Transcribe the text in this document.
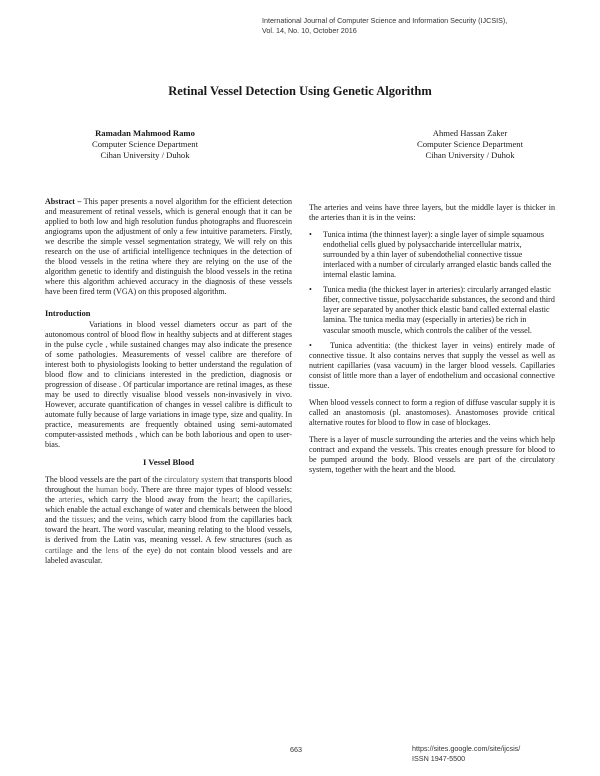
International Journal of Computer Science and Information Security (IJCSIS),
Vol. 14, No. 10, October 2016
Retinal Vessel Detection Using Genetic Algorithm
Ramadan Mahmood Ramo
Computer Science Department
Cihan University / Duhok
Ahmed Hassan Zaker
Computer Science Department
Cihan University / Duhok

Abstract – This paper presents a novel algorithm for the efficient detection and measurement of retinal vessels, which is general enough that it can be applied to both low and high resolution fundus photographs and fluorescein angiograms upon the adjustment of only a few intuitive parameters. Firstly, we describe the simple vessel segmentation strategy, We will rely on this research on the use of artificial intelligence techniques in the detection of the blood vessels in the retina where they are relying on the use of the algorithm genetic to identify and distinguish the blood vessels in the retina where this algorithm achieved accuracy in the diagnosis of these vessels have been fired term (VGA) on this proposed algorithm.

Introduction

Variations in blood vessel diameters occur as part of the autonomous control of blood flow in healthy subjects and at different stages in the pulse cycle , while sustained changes may also indicate the presence of some pathologies. Measurements of vessel calibre are therefore of interest both to physiologists looking to better understand the regulation of blood flow and to clinicians interested in the prediction, diagnosis or progression of disease . Of particular importance are retinal images, as these may be used to directly visualise blood vessels non-invasively in vivo. However, accurate quantification of changes in vessel calibre is difficult to automate fully because of large variations in image type, size and quality. In practice, measurements are frequently obtained using semi-automated computer-assisted methods , which can be both laborious and open to user-bias.

I Vessel Blood

The blood vessels are the part of the circulatory system that transports blood throughout the human body. There are three major types of blood vessels: the arteries, which carry the blood away from the heart; the capillaries, which enable the actual exchange of water and chemicals between the blood and the tissues; and the veins, which carry blood from the capillaries back toward the heart. The word vascular, meaning relating to the blood vessels, is derived from the Latin vas, meaning vessel. A few structures (such as cartilage and the lens of the eye) do not contain blood vessels and are labeled avascular.

The arteries and veins have three layers, but the middle layer is thicker in the arteries than it is in the veins:

• Tunica intima (the thinnest layer): a single layer of simple squamous endothelial cells glued by polysaccharide intercellular matrix, surrounded by a thin layer of subendothelial connective tissue interlaced with a number of circularly arranged elastic bands called the internal elastic lamina.
• Tunica media (the thickest layer in arteries): circularly arranged elastic fiber, connective tissue, polysaccharide substances, the second and third layer are separated by another thick elastic band called external elastic lamina. The tunica media may (especially in arteries) be rich in vascular smooth muscle, which controls the caliber of the vessel.

• Tunica adventitia: (the thickest layer in veins) entirely made of connective tissue. It also contains nerves that supply the vessel as well as nutrient capillaries (vasa vacuum) in the larger blood vessels. Capillaries consist of little more than a layer of endothelium and occasional connective tissue.

When blood vessels connect to form a region of diffuse vascular supply it is called an anastomosis (pl. anastomoses). Anastomoses provide critical alternative routes for blood to flow in case of blockages.

There is a layer of muscle surrounding the arteries and the veins which help contract and expand the vessels. This creates enough pressure for blood to be pumped around the body. Blood vessels are part of the circulatory system, together with the heart and the blood.

663	https://sites.google.com/site/ijcsis/
ISSN 1947-5500
